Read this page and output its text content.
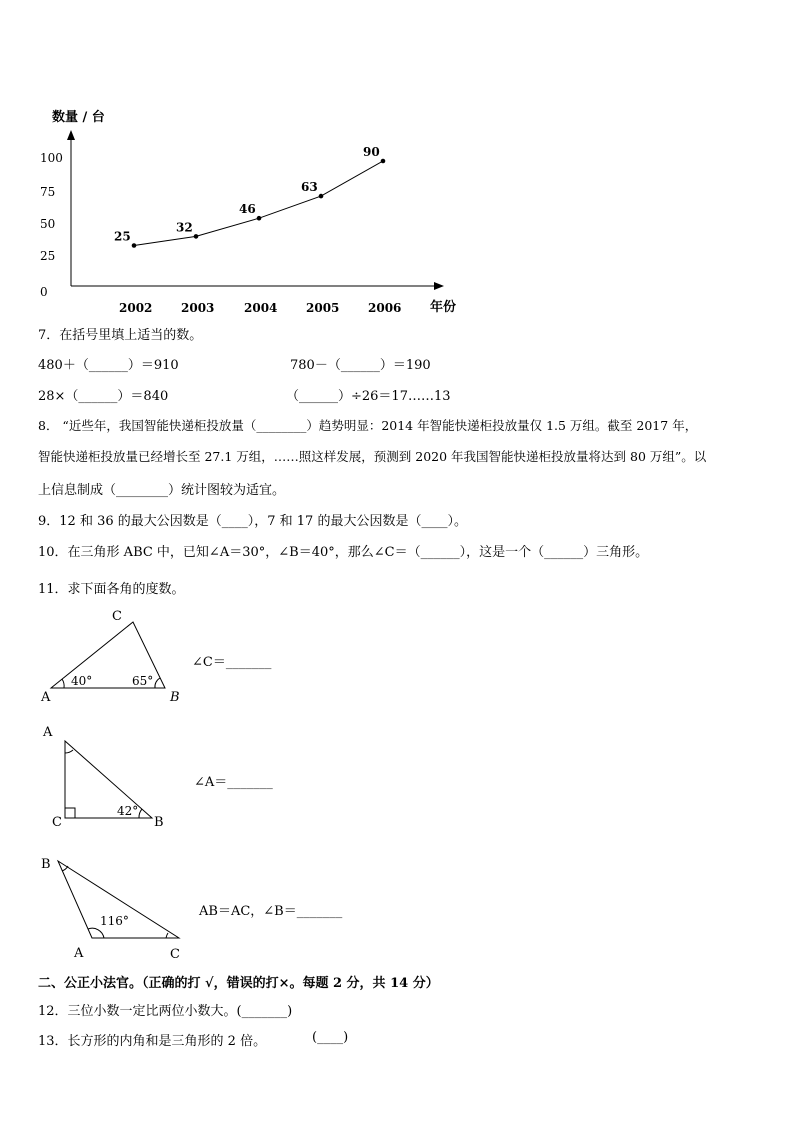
数量 / 台
年份
0
25
50
75
100
2002 2003 2004 2005 2006
25
32
46
63
90
C
A	B
40°	65°
A
C	B
42°
B
A	C
116°
7．在括号里填上适当的数。
480＋（______）＝910	780－（______）＝190
28×（______）＝840	（______）÷26＝17……13
8． “近些年，我国智能快递柜投放量（________）趋势明显：2014 年智能快递柜投放量仅 1.5 万组。截至 2017 年，
智能快递柜投放量已经增长至 27.1 万组，……照这样发展，预测到 2020 年我国智能快递柜投放量将达到 80 万组”。以
上信息制成（________）统计图较为适宜。
9．12 和 36 的最大公因数是（____），7 和 17 的最大公因数是（____）。
10．在三角形 ABC 中，已知∠A＝30°，∠B＝40°，那么∠C＝（______），这是一个（______）三角形。
11．求下面各角的度数。
∠C＝_______
∠A＝_______
AB＝AC，∠B＝_______
二、公正小法官。（正确的打 √，错误的打×。每题 2 分，共 14 分）
12．三位小数一定比两位小数大。(_______)
13．长方形的内角和是三角形的 2 倍。	(____)
